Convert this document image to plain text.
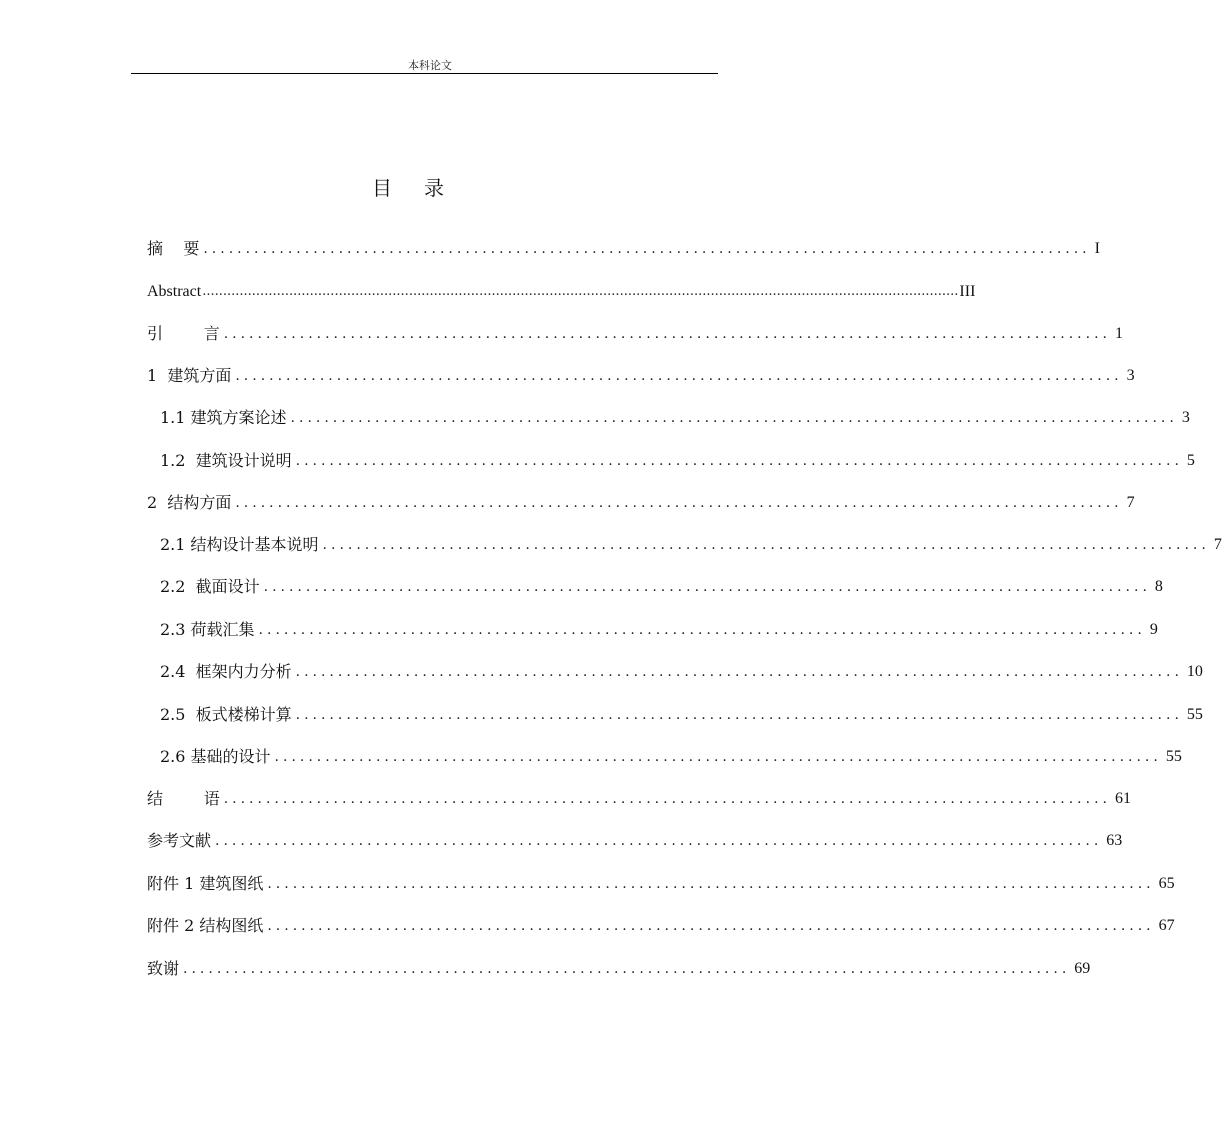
本科论文
目录
摘    要 ......................................................................................................... I
Abstract ....................................................................................................................................................................................... III
引        言 ......................................................................................................... 1
1  建筑方面 ......................................................................................................... 3
1.1 建筑方案论述 ......................................................................................................... 3
1.2  建筑设计说明 ......................................................................................................... 5
2  结构方面 ......................................................................................................... 7
2.1 结构设计基本说明 ......................................................................................................... 7
2.2  截面设计 ......................................................................................................... 8
2.3 荷载汇集 ......................................................................................................... 9
2.4  框架内力分析 ......................................................................................................... 10
2.5  板式楼梯计算 ......................................................................................................... 55
2.6 基础的设计 ......................................................................................................... 55
结        语 ......................................................................................................... 61
参考文献 ......................................................................................................... 63
附件 1 建筑图纸 ......................................................................................................... 65
附件 2 结构图纸 ......................................................................................................... 67
致谢 ......................................................................................................... 69
